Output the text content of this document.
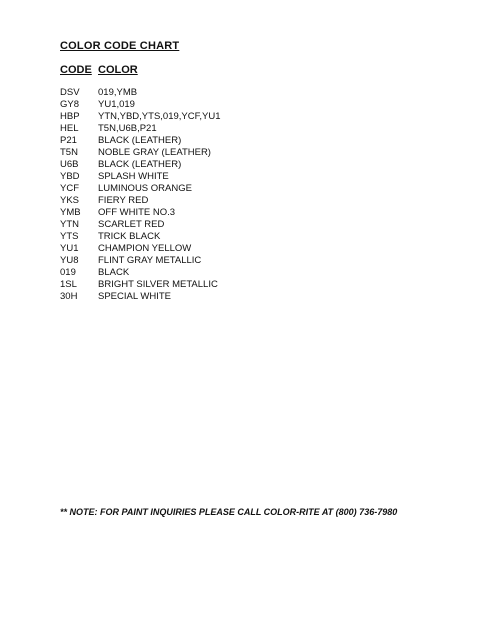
COLOR CODE CHART
CODE COLOR
DSV	019,YMB
GY8	YU1,019
HBP	YTN,YBD,YTS,019,YCF,YU1
HEL	T5N,U6B,P21
P21	BLACK (LEATHER)
T5N	NOBLE GRAY (LEATHER)
U6B	BLACK (LEATHER)
YBD	SPLASH WHITE
YCF	LUMINOUS ORANGE
YKS	FIERY RED
YMB	OFF WHITE NO.3
YTN	SCARLET RED
YTS	TRICK BLACK
YU1	CHAMPION YELLOW
YU8	FLINT GRAY METALLIC
019	BLACK
1SL	BRIGHT SILVER METALLIC
30H	SPECIAL WHITE
** NOTE: FOR PAINT INQUIRIES PLEASE CALL COLOR-RITE AT (800) 736-7980
